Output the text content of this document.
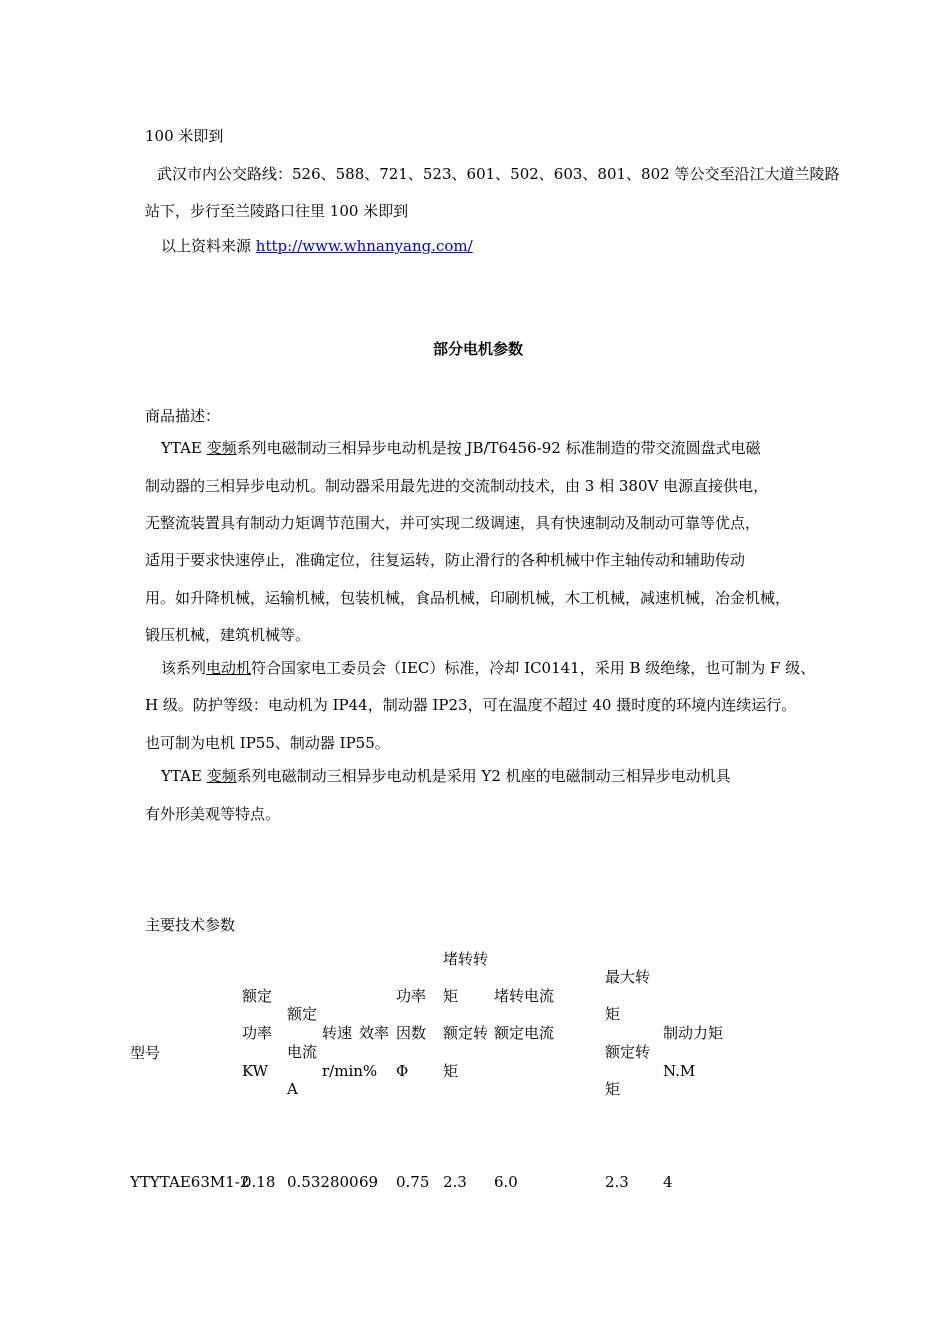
100 米即到
武汉市内公交路线：526、588、721、523、601、502、603、801、802 等公交至沿江大道兰陵路
站下，步行至兰陵路口往里 100 米即到
以上资料来源 http://www.whnanyang.com/
部分电机参数
商品描述：
YTAE 变频系列电磁制动三相异步电动机是按 JB/T6456-92 标准制造的带交流圆盘式电磁
制动器的三相异步电动机。制动器采用最先进的交流制动技术，由 3 相 380V 电源直接供电，
无整流装置具有制动力矩调节范围大，并可实现二级调速，具有快速制动及制动可靠等优点，
适用于要求快速停止，准确定位，往复运转，防止滑行的各种机械中作主轴传动和辅助传动
用。如升降机械，运输机械，包装机械，食品机械，印刷机械，木工机械，减速机械，冶金机械，
锻压机械，建筑机械等。
该系列电动机符合国家电工委员会（IEC）标准，冷却 IC0141，采用 B 级绝缘，也可制为 F 级、
H 级。防护等级：电动机为 IP44，制动器 IP23，可在温度不超过 40 摄时度的环境内连续运行。
也可制为电机 IP55、制动器 IP55。
YTAE 变频系列电磁制动三相异步电动机是采用 Y2 机座的电磁制动三相异步电动机具
有外形美观等特点。
主要技术参数
型号
额定
功率
KW
额定
电流
A
转速
r/min%
效率
功率
因数
Φ
堵转转
矩
额定转
矩
堵转电流
额定电流
最大转
矩
额定转
矩
制动力矩
N.M
YTYTAE63M1-2
0.18 0.532800 69 0.75 2.3 6.0	2.3 4
